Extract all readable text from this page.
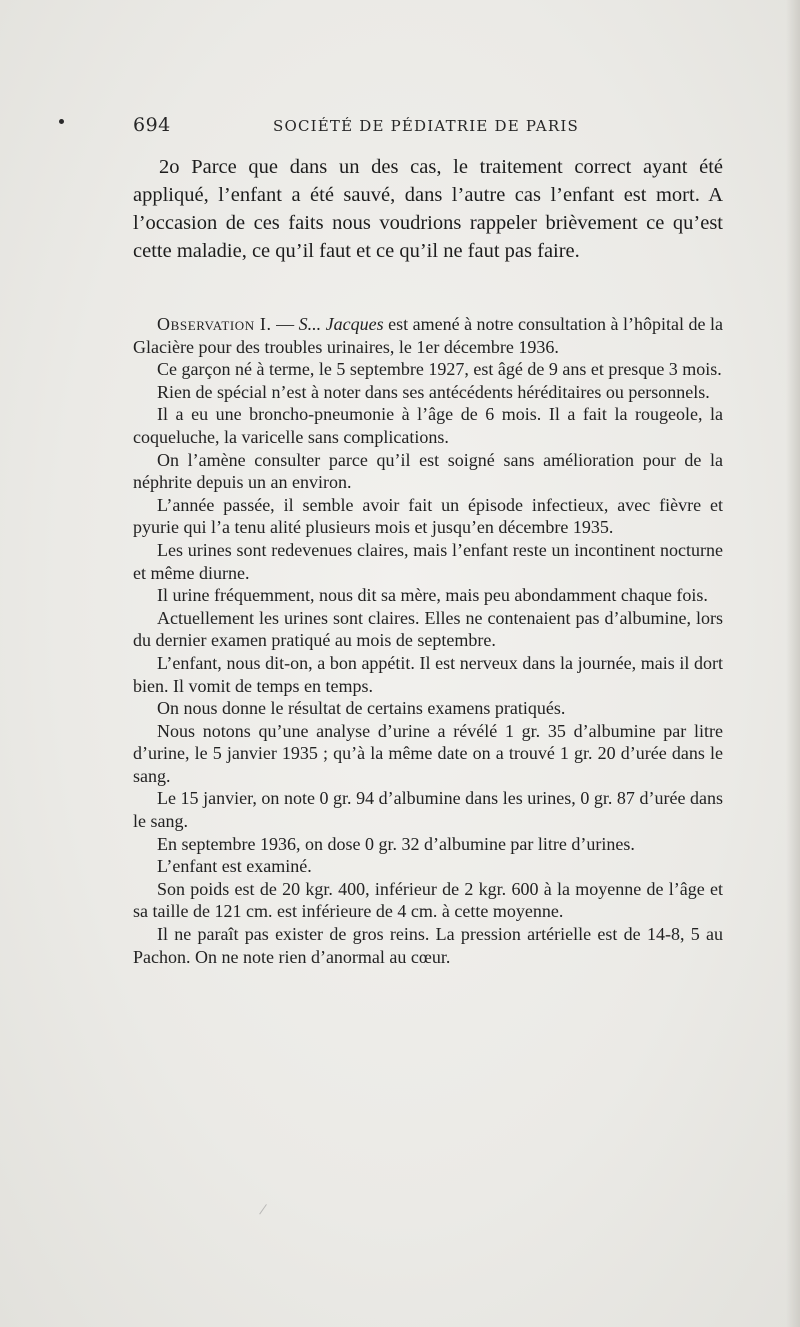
694	SOCIÉTÉ DE PÉDIATRIE DE PARIS

2o Parce que dans un des cas, le traitement correct ayant été appliqué, l’enfant a été sauvé, dans l’autre cas l’enfant est mort. A l’occasion de ces faits nous voudrions rappeler brièvement ce qu’est cette maladie, ce qu’il faut et ce qu’il ne faut pas faire.

Observation I. — S... Jacques est amené à notre consultation à l’hôpital de la Glacière pour des troubles urinaires, le 1er décembre 1936.

Ce garçon né à terme, le 5 septembre 1927, est âgé de 9 ans et presque 3 mois.

Rien de spécial n’est à noter dans ses antécédents héréditaires ou personnels.

Il a eu une broncho-pneumonie à l’âge de 6 mois. Il a fait la rougeole, la coqueluche, la varicelle sans complications.

On l’amène consulter parce qu’il est soigné sans amélioration pour de la néphrite depuis un an environ.

L’année passée, il semble avoir fait un épisode infectieux, avec fièvre et pyurie qui l’a tenu alité plusieurs mois et jusqu’en décembre 1935.

Les urines sont redevenues claires, mais l’enfant reste un incontinent nocturne et même diurne.

Il urine fréquemment, nous dit sa mère, mais peu abondamment chaque fois.

Actuellement les urines sont claires. Elles ne contenaient pas d’albumine, lors du dernier examen pratiqué au mois de septembre.

L’enfant, nous dit-on, a bon appétit. Il est nerveux dans la journée, mais il dort bien. Il vomit de temps en temps.

On nous donne le résultat de certains examens pratiqués.

Nous notons qu’une analyse d’urine a révélé 1 gr. 35 d’albumine par litre d’urine, le 5 janvier 1935 ; qu’à la même date on a trouvé 1 gr. 20 d’urée dans le sang.

Le 15 janvier, on note 0 gr. 94 d’albumine dans les urines, 0 gr. 87 d’urée dans le sang.

En septembre 1936, on dose 0 gr. 32 d’albumine par litre d’urines.

L’enfant est examiné.

Son poids est de 20 kgr. 400, inférieur de 2 kgr. 600 à la moyenne de l’âge et sa taille de 121 cm. est inférieure de 4 cm. à cette moyenne.

Il ne paraît pas exister de gros reins. La pression artérielle est de 14-8, 5 au Pachon. On ne note rien d’anormal au cœur.
